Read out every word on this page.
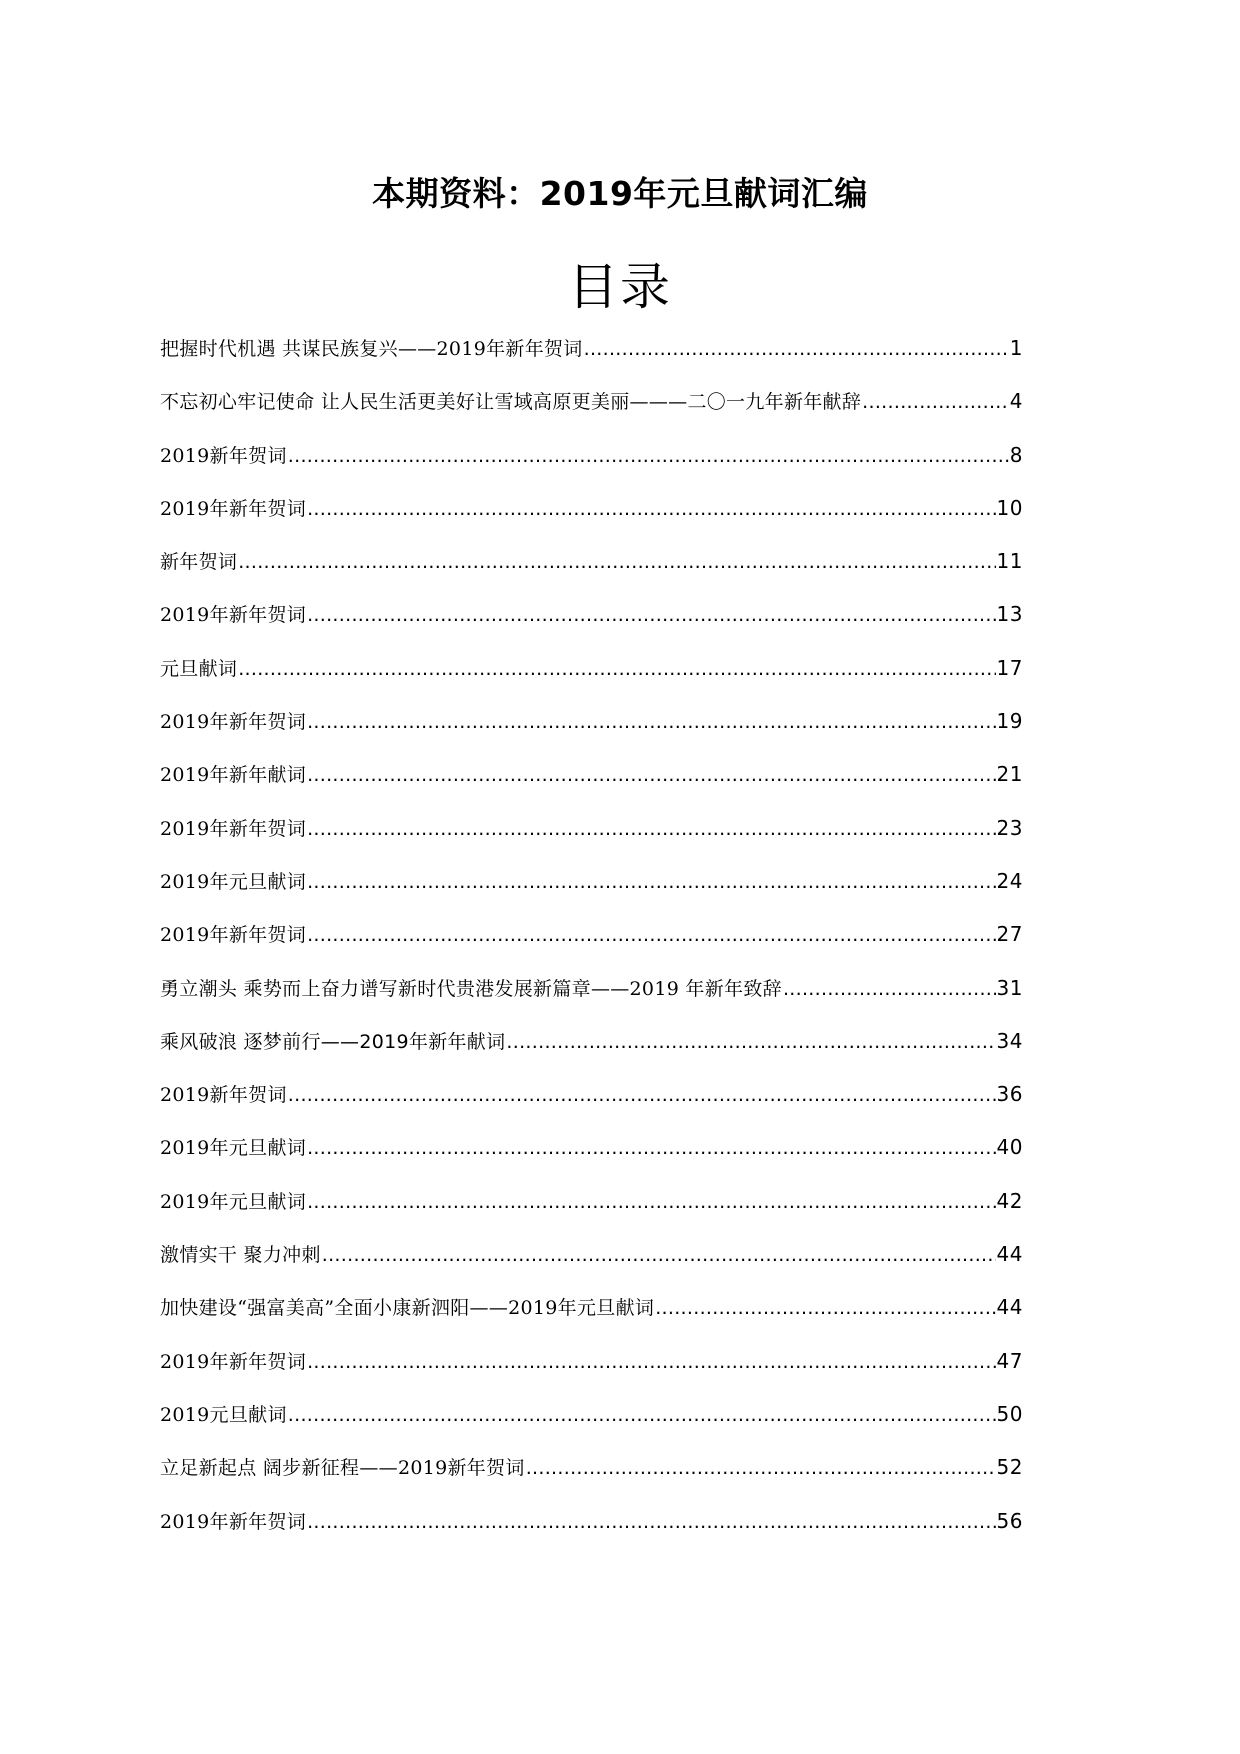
本期资料：2019年元旦献词汇编
目录
把握时代机遇 共谋民族复兴——2019年新年贺词 .....	1
不忘初心牢记使命 让人民生活更美好让雪域高原更美丽———二〇一九年新年献辞 .....	4
2019新年贺词 .....	8
2019年新年贺词 .....	10
新年贺词 .....	11
2019年新年贺词 .....	13
元旦献词 .....	17
2019年新年贺词 .....	19
2019年新年献词 .....	21
2019年新年贺词 .....	23
2019年元旦献词 .....	24
2019年新年贺词 .....	27
勇立潮头 乘势而上奋力谱写新时代贵港发展新篇章——2019 年新年致辞 .....	31
乘风破浪 逐梦前行——2019年新年献词 .....	34
2019新年贺词 .....	36
2019年元旦献词 .....	40
2019年元旦献词 .....	42
激情实干 聚力冲刺 .....	44
加快建设“强富美高”全面小康新泗阳——2019年元旦献词 .....	44
2019年新年贺词 .....	47
2019元旦献词 .....	50
立足新起点 阔步新征程——2019新年贺词 .....	52
2019年新年贺词 .....	56
